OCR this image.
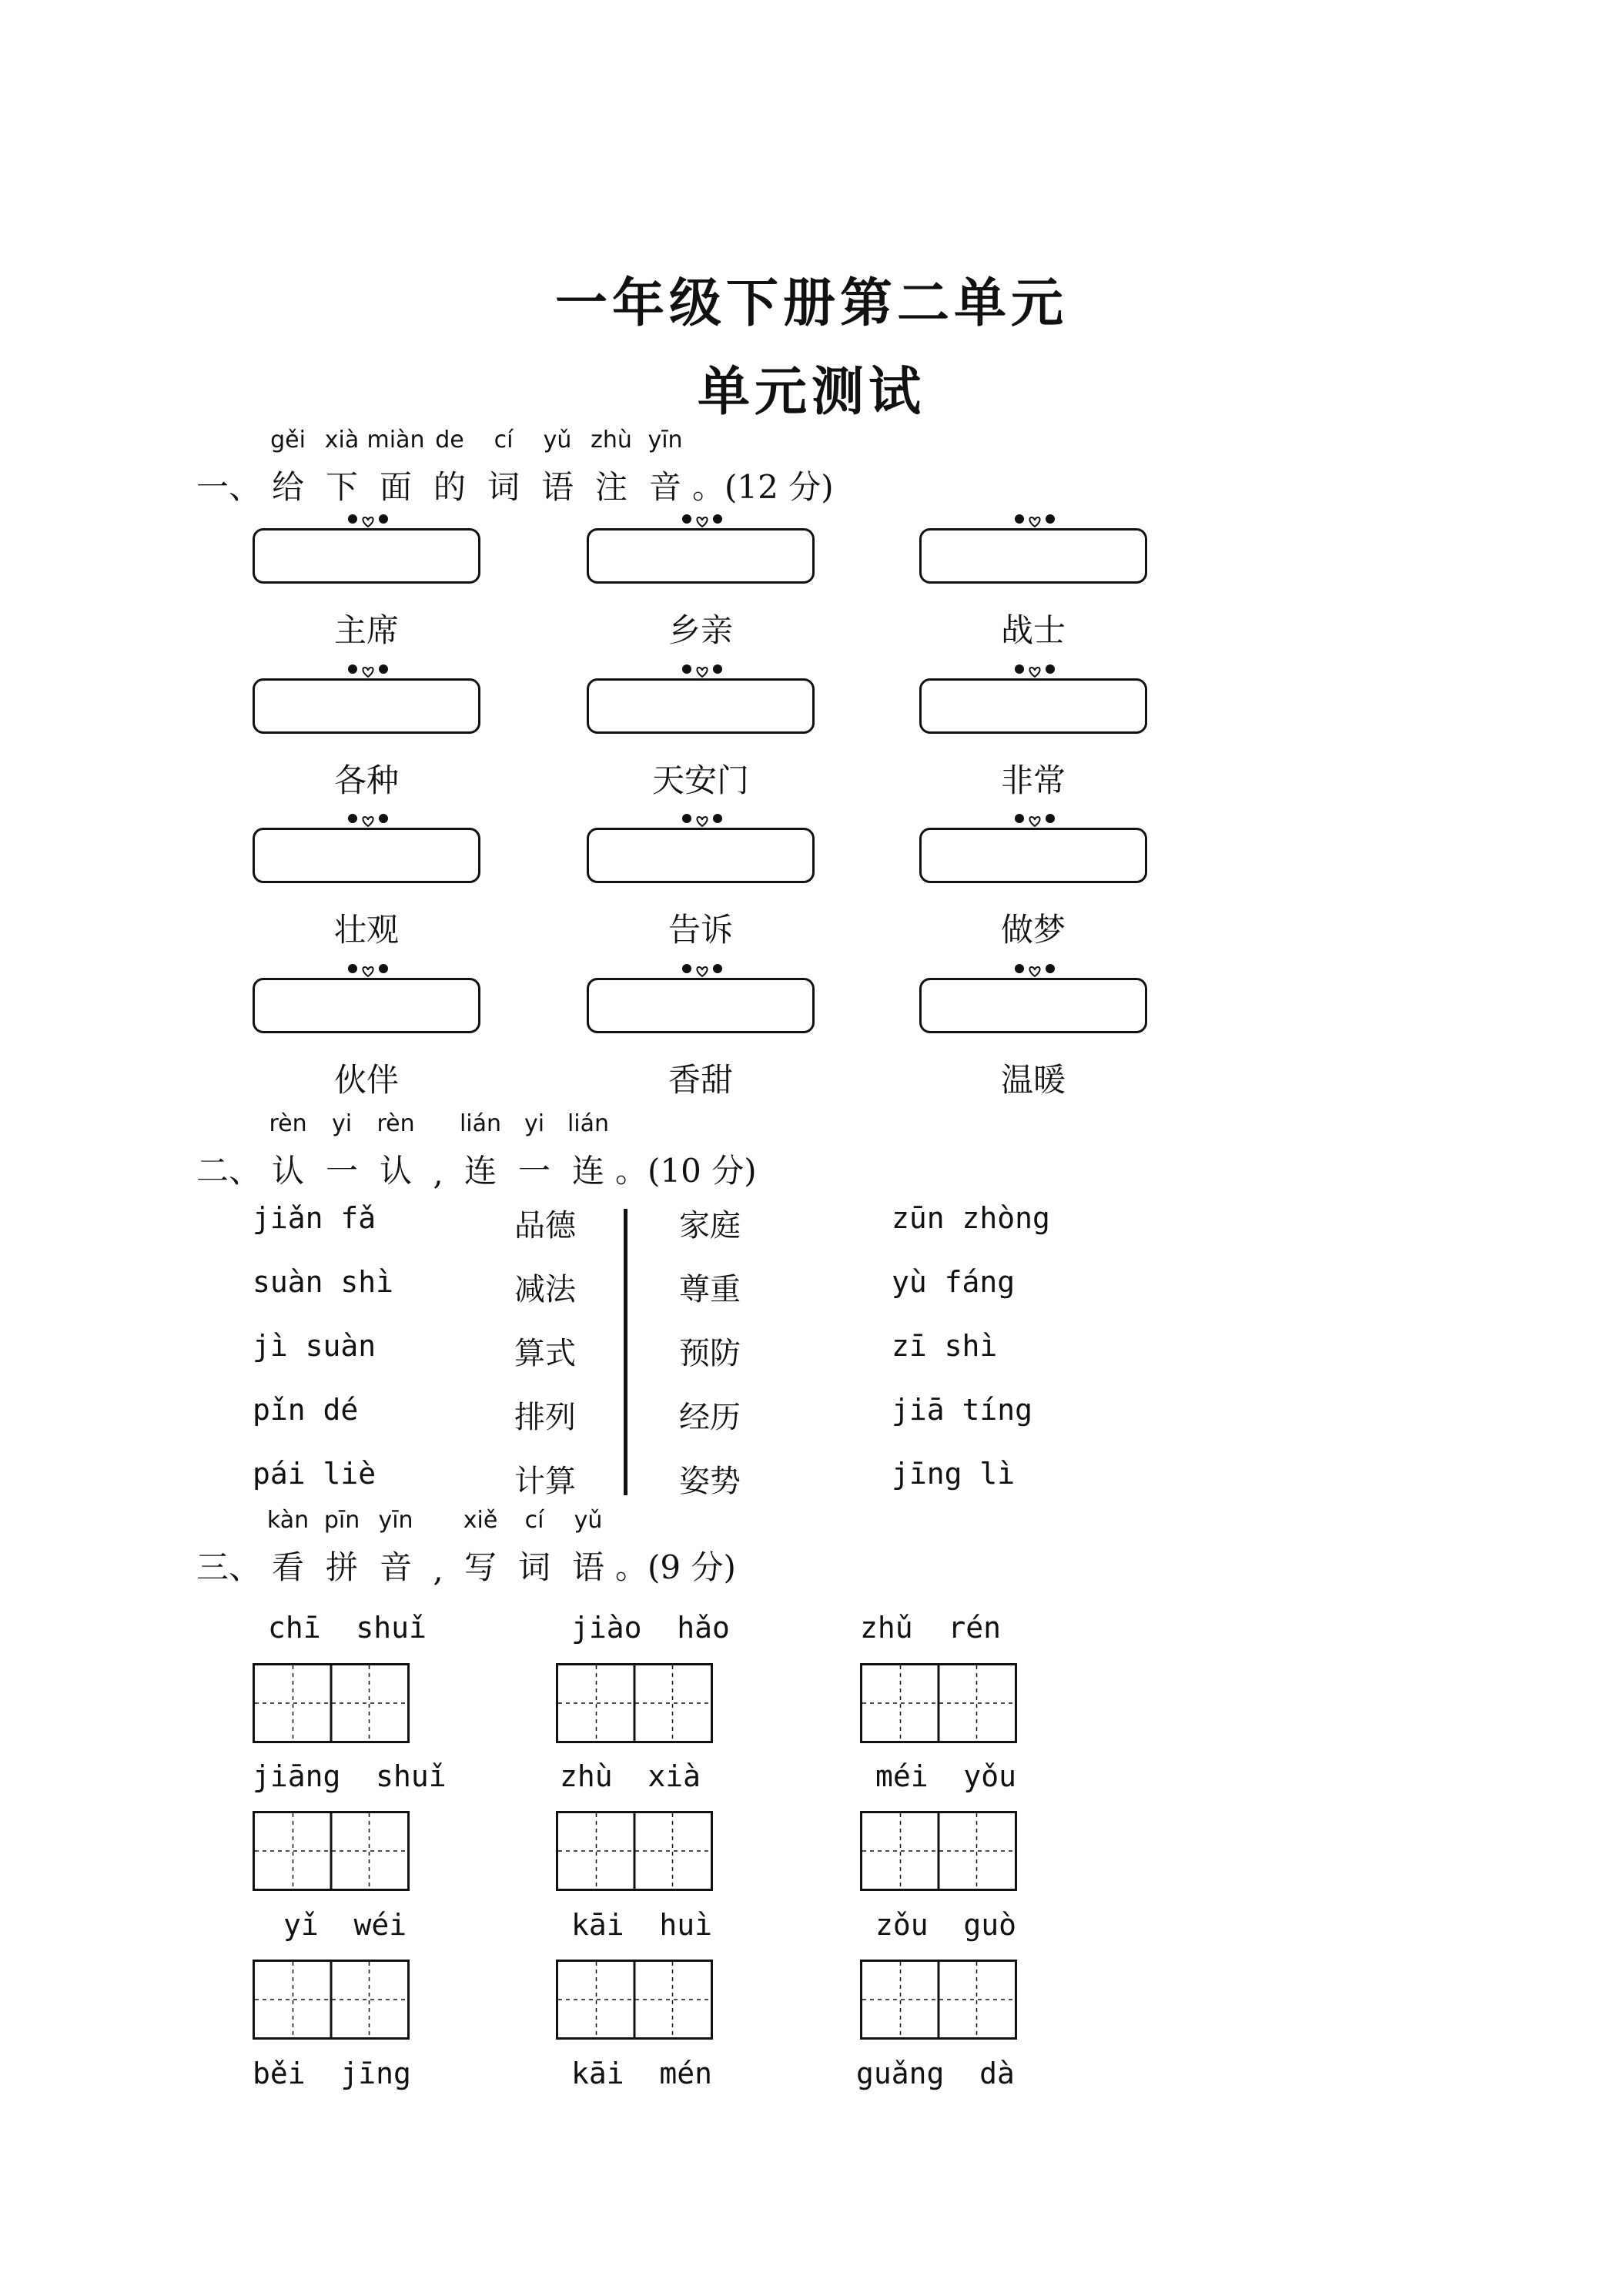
一年级下册第二单元
单元测试
一、 给
gěi
下
xià
面
miàn
的
de
词
cí
语
yǔ
注
zhù
音
yīn
。(12 分)
主席	乡亲	战士
各种	天安门	非常
壮观	告诉	做梦
伙伴	香甜	温暖
二、 认
rèn
一
yi
认
rèn
, 连
lián
一
yi
连
lián
。(10 分)
jiǎn fǎ	品德	家庭	zūn zhòng
suàn shì	减法	尊重	yù fáng
jì suàn	算式	预防	zī shì
pǐn dé	排列	经历	jiā tíng
pái liè	计算	姿势	jīng lì
三、 看
kàn
拼
pīn
音
yīn
, 写
xiě
词
cí
语
yǔ
。(9 分)
chī  shuǐ	jiào  hǎo	zhǔ  rén
jiāng  shuǐ	zhù  xià	méi  yǒu
yǐ  wéi	kāi  huì	zǒu  guò
běi  jīng	kāi  mén	guǎng  dà
